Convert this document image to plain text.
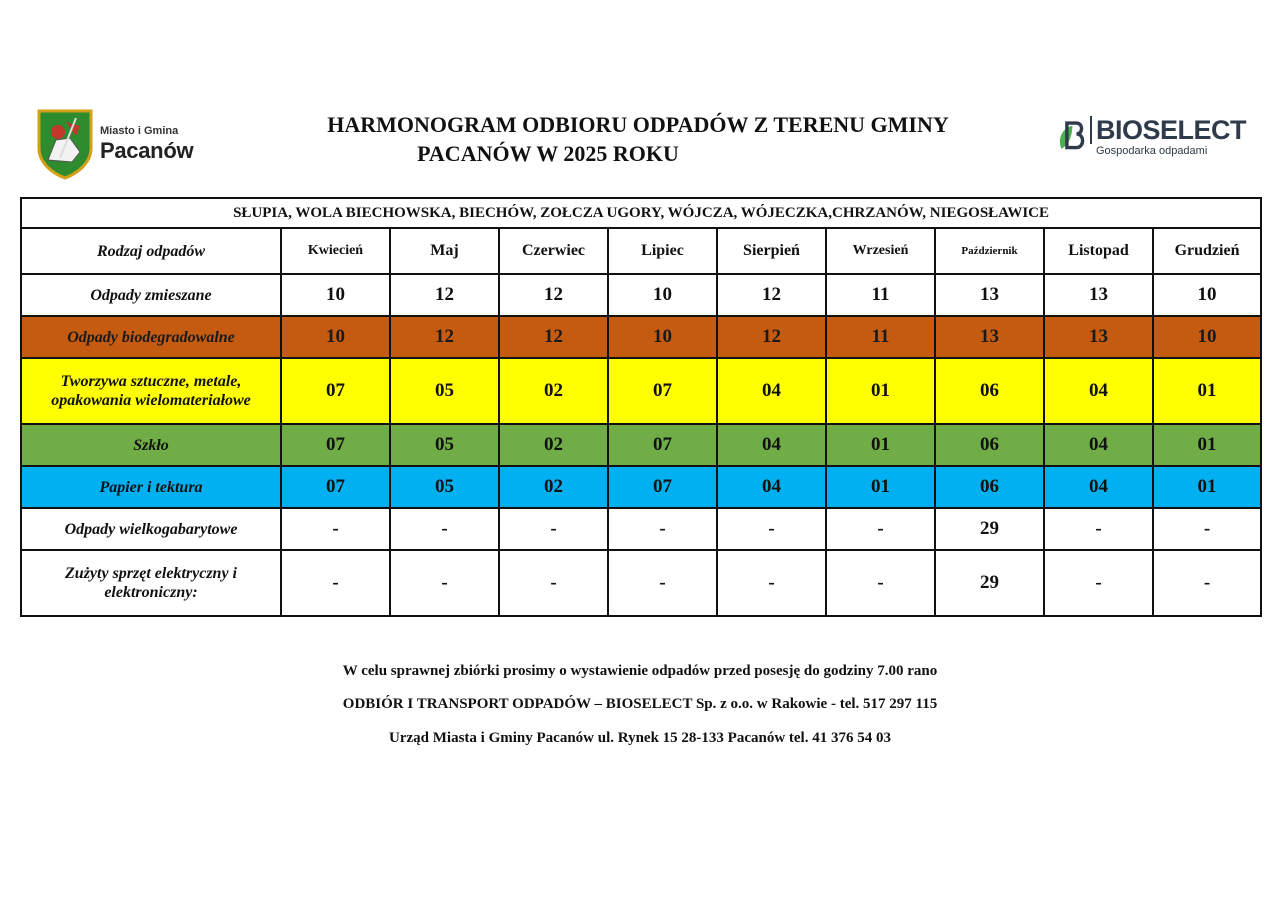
Miasto i Gmina
Pacanów
HARMONOGRAM ODBIORU ODPADÓW Z TERENU GMINY
PACANÓW W 2025 ROKU
BIOSELECT
Gospodarka odpadami
SŁUPIA, WOLA BIECHOWSKA, BIECHÓW, ZOŁCZA UGORY, WÓJCZA, WÓJECZKA,CHRZANÓW, NIEGOSŁAWICE									
Rodzaj odpadów	Kwiecień	Maj	Czerwiec	Lipiec	Sierpień	Wrzesień	Październik	Listopad	Grudzień
Odpady zmieszane	10	12	12	10	12	11	13	13	10
Odpady biodegradowalne	10	12	12	10	12	11	13	13	10
Tworzywa sztuczne, metale,
opakowania wielomateriałowe	07	05	02	07	04	01	06	04	01
Szkło	07	05	02	07	04	01	06	04	01
Papier i tektura	07	05	02	07	04	01	06	04	01
Odpady wielkogabarytowe	-	-	-	-	-	-	29	-	-
Zużyty sprzęt elektryczny i
elektroniczny:	-	-	-	-	-	-	29	-	-
W celu sprawnej zbiórki prosimy o wystawienie odpadów przed posesję do godziny 7.00 rano
ODBIÓR I TRANSPORT ODPADÓW – BIOSELECT Sp. z o.o. w Rakowie - tel. 517 297 115
Urząd Miasta i Gminy Pacanów ul. Rynek 15 28-133 Pacanów tel. 41 376 54 03
